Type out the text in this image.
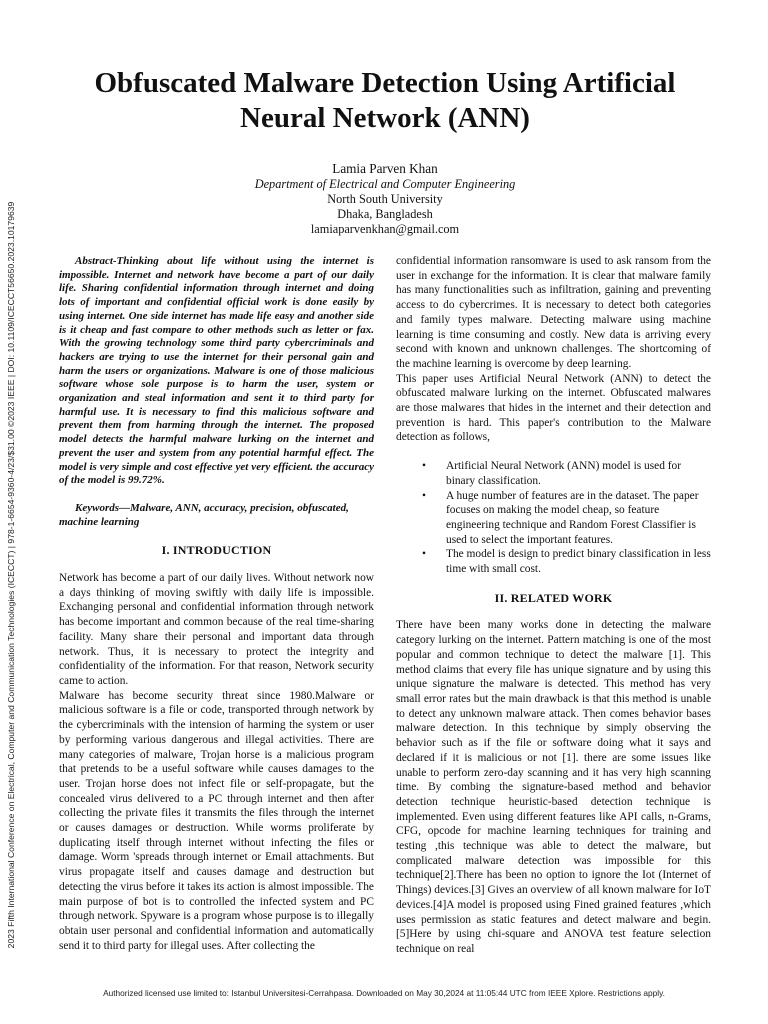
2023 Fifth International Conference on Electrical, Computer and Communication Technologies (ICECCT) | 978-1-6654-9360-4/23/$31.00 ©2023 IEEE | DOI: 10.1109/ICECCT56650.2023.10179639
Obfuscated Malware Detection Using Artificial
Neural Network (ANN)
Lamia Parven Khan
Department of Electrical and Computer Engineering
North South University
Dhaka, Bangladesh
lamiaparvenkhan@gmail.com

Abstract-Thinking about life without using the internet is impossible. Internet and network have become a part of our daily life. Sharing confidential information through internet and doing lots of important and confidential official work is done easily by using internet. One side internet has made life easy and another side is it cheap and fast compare to other methods such as letter or fax. With the growing technology some third party cybercriminals and hackers are trying to use the internet for their personal gain and harm the users or organizations. Malware is one of those malicious software whose sole purpose is to harm the user, system or organization and steal information and sent it to third party for harmful use. It is necessary to find this malicious software and prevent them from harming through the internet. The proposed model detects the harmful malware lurking on the internet and prevent the user and system from any potential harmful effect. The model is very simple and cost effective yet very efficient. the accuracy of the model is 99.72%.

Keywords—Malware, ANN, accuracy, precision, obfuscated, machine learning

I. INTRODUCTION

Network has become a part of our daily lives. Without network now a days thinking of moving swiftly with daily life is impossible. Exchanging personal and confidential information through network has become important and common because of the real time-sharing facility. Many share their personal and important data through network. Thus, it is necessary to protect the integrity and confidentiality of the information. For that reason, Network security came to action.

Malware has become security threat since 1980.Malware or malicious software is a file or code, transported through network by the cybercriminals with the intension of harming the system or user by performing various dangerous and illegal activities. There are many categories of malware, Trojan horse is a malicious program that pretends to be a useful software while causes damages to the user. Trojan horse does not infect file or self-propagate, but the concealed virus delivered to a PC through internet and then after collecting the private files it transmits the files through the internet or causes damages or destruction. While worms proliferate by duplicating itself through internet without infecting the files or damage. Worm 'spreads through internet or Email attachments. But virus propagate itself and causes damage and destruction but detecting the virus before it takes its action is almost impossible. The main purpose of bot is to controlled the infected system and PC through network. Spyware is a program whose purpose is to illegally obtain user personal and confidential information and automatically send it to third party for illegal uses. After collecting the

confidential information ransomware is used to ask ransom from the user in exchange for the information. It is clear that malware family has many functionalities such as infiltration, gaining and preventing access to do cybercrimes. It is necessary to detect both categories and family types malware. Detecting malware using machine learning is time consuming and costly. New data is arriving every second with known and unknown challenges. The shortcoming of the machine learning is overcome by deep learning.

This paper uses Artificial Neural Network (ANN) to detect the obfuscated malware lurking on the internet. Obfuscated malwares are those malwares that hides in the internet and their detection and prevention is hard. This paper's contribution to the Malware detection as follows,

• Artificial Neural Network (ANN) model is used for binary classification.
• A huge number of features are in the dataset. The paper focuses on making the model cheap, so feature engineering technique and Random Forest Classifier is used to select the important features.
• The model is design to predict binary classification in less time with small cost.
II. RELATED WORK

There have been many works done in detecting the malware category lurking on the internet. Pattern matching is one of the most popular and common technique to detect the malware [1]. This method claims that every file has unique signature and by using this unique signature the malware is detected. This method has very small error rates but the main drawback is that this method is unable to detect any unknown malware attack. Then comes behavior bases malware detection. In this technique by simply observing the behavior such as if the file or software doing what it says and declared if it is malicious or not [1]. there are some issues like unable to perform zero-day scanning and it has very high scanning time. By combing the signature-based method and behavior detection technique heuristic-based detection technique is implemented. Even using different features like API calls, n-Grams, CFG, opcode for machine learning techniques for training and testing ,this technique was able to detect the malware, but complicated malware detection was impossible for this technique[2].There has been no option to ignore the Iot (Internet of Things) devices.[3] Gives an overview of all known malware for IoT devices.[4]A model is proposed using Fined grained features ,which uses permission as static features and detect malware and begin.[5]Here by using chi-square and ANOVA test feature selection technique on real

Authorized licensed use limited to: Istanbul Universitesi-Cerrahpasa. Downloaded on May 30,2024 at 11:05:44 UTC from IEEE Xplore. Restrictions apply.
